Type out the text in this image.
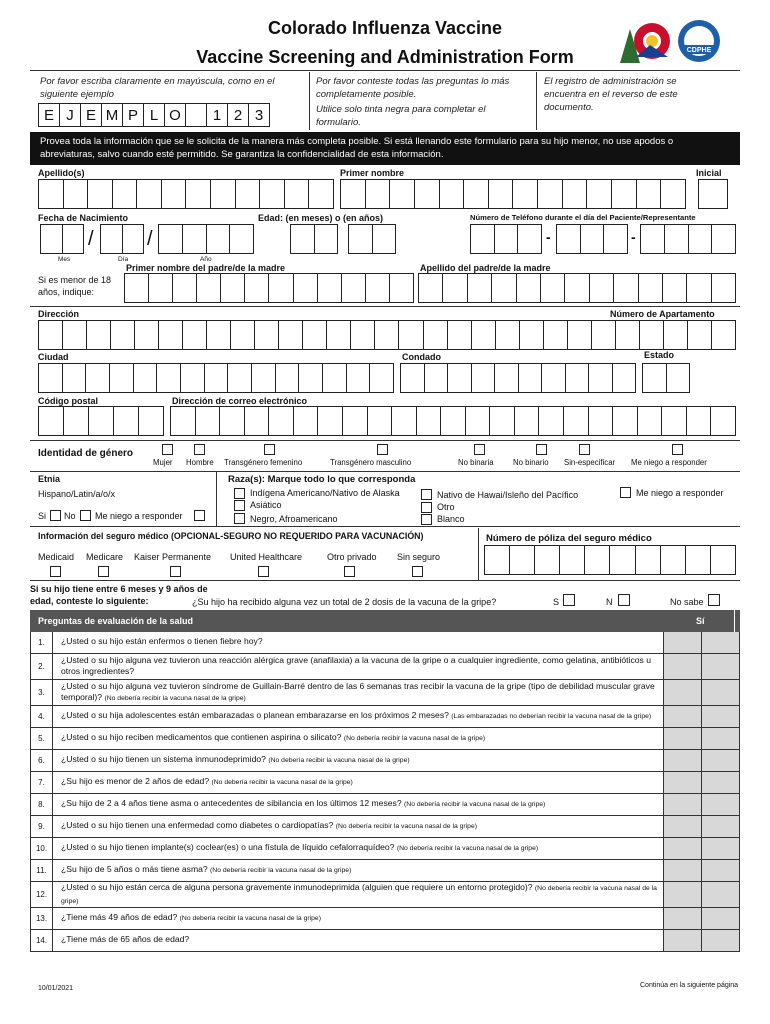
Colorado Influenza Vaccine
Vaccine Screening and Administration Form	CDPHE
Por favor escriba claramente en mayúscula, como en el siguiente ejemplo
E J E M P L O	1 2 3
Por favor conteste todas las preguntas lo más completamente posible.
Utilice solo tinta negra para completar el formulario.
El registro de administración se encuentra en el reverso de este documento.
Provea toda la información que se le solicita de la manera más completa posible. Si está llenando este formulario para su hijo menor, no use apodos o abreviaturas, salvo cuando esté permitido. Se garantiza la confidencialidad de esta información.
Apellido(s)	Primer nombre	Inicial
Fecha de Nacimiento	Edad: (en meses) o (en años)	Número de Teléfono durante el día del Paciente/Representante
/	/
Mes	Día	Año
-	-
Primer nombre del padre/de la madre	Apellido del padre/de la madre
Si es menor de 18 años, indique:
Dirección	Número de Apartamento
Ciudad	Condado	Estado
Código postal	Dirección de correo electrónico
Identidad de género
Mujer Hombre Transgénero femenino	Transgénero masculino	No binaria No binario Sin-especificar Me niego a responder
Etnia
Hispano/Latin/a/o/x
Si No Me niego a responder
Raza(s): Marque todo lo que corresponda
Indígena Americano/Nativo de Alaska
Asiático
Negro, Afroamericano
Nativo de Hawai/Isleño del Pacífico
Otro
Blanco
Me niego a responder
Información del seguro médico (OPCIONAL-SEGURO NO REQUERIDO PARA VACUNACIÓN)	Número de póliza del seguro médico
Medicaid Medicare Kaiser Permanente United Healthcare	Otro privado Sin seguro
Si su hijo tiene entre 6 meses y 9 años de
edad, conteste lo siguiente:	¿Su hijo ha recibido alguna vez un total de 2 dosis de la vacuna de la gripe?	S	N	No sabe
Preguntas de evaluación de la salud	Sí	No
1.	¿Usted o su hijo están enfermos o tienen fiebre hoy?
2.
¿Usted o su hijo alguna vez tuvieron una reacción alérgica grave (anafilaxia) a la vacuna de la gripe o a cualquier ingrediente, como gelatina, antibióticos u otros ingredientes?
3.
¿Usted o su hijo alguna vez tuvieron síndrome de Guillain-Barré dentro de las 6 semanas tras recibir la vacuna de la gripe (tipo de debilidad muscular grave temporal)? (No debería recibir la vacuna nasal de la gripe)
4.	¿Usted o su hija adolescentes están embarazadas o planean embarazarse en los próximos 2 meses? (Las embarazadas no deberían recibir la vacuna nasal de la gripe)
5.	¿Usted o su hijo reciben medicamentos que contienen aspirina o silicato? (No debería recibir la vacuna nasal de la gripe)
6.	¿Usted o su hijo tienen un sistema inmunodeprimido? (No debería recibir la vacuna nasal de la gripe)
7.	¿Su hijo es menor de 2 años de edad? (No debería recibir la vacuna nasal de la gripe)
8.	¿Su hijo de 2 a 4 años tiene asma o antecedentes de sibilancia en los últimos 12 meses? (No debería recibir la vacuna nasal de la gripe)
9.	¿Usted o su hijo tienen una enfermedad como diabetes o cardiopatías? (No debería recibir la vacuna nasal de la gripe)
10.	¿Usted o su hijo tienen implante(s) coclear(es) o una fístula de líquido cefalorraquídeo? (No debería recibir la vacuna nasal de la gripe)
11.	¿Su hijo de 5 años o más tiene asma? (No debería recibir la vacuna nasal de la gripe)
12.
¿Usted o su hijo están cerca de alguna persona gravemente inmunodeprimida (alguien que requiere un entorno protegido)? (No debería recibir la vacuna nasal de la gripe)
13.	¿Tiene más 49 años de edad? (No debería recibir la vacuna nasal de la gripe)
14.	¿Tiene más de 65 años de edad?
10/01/2021	Continúa en la siguiente página
